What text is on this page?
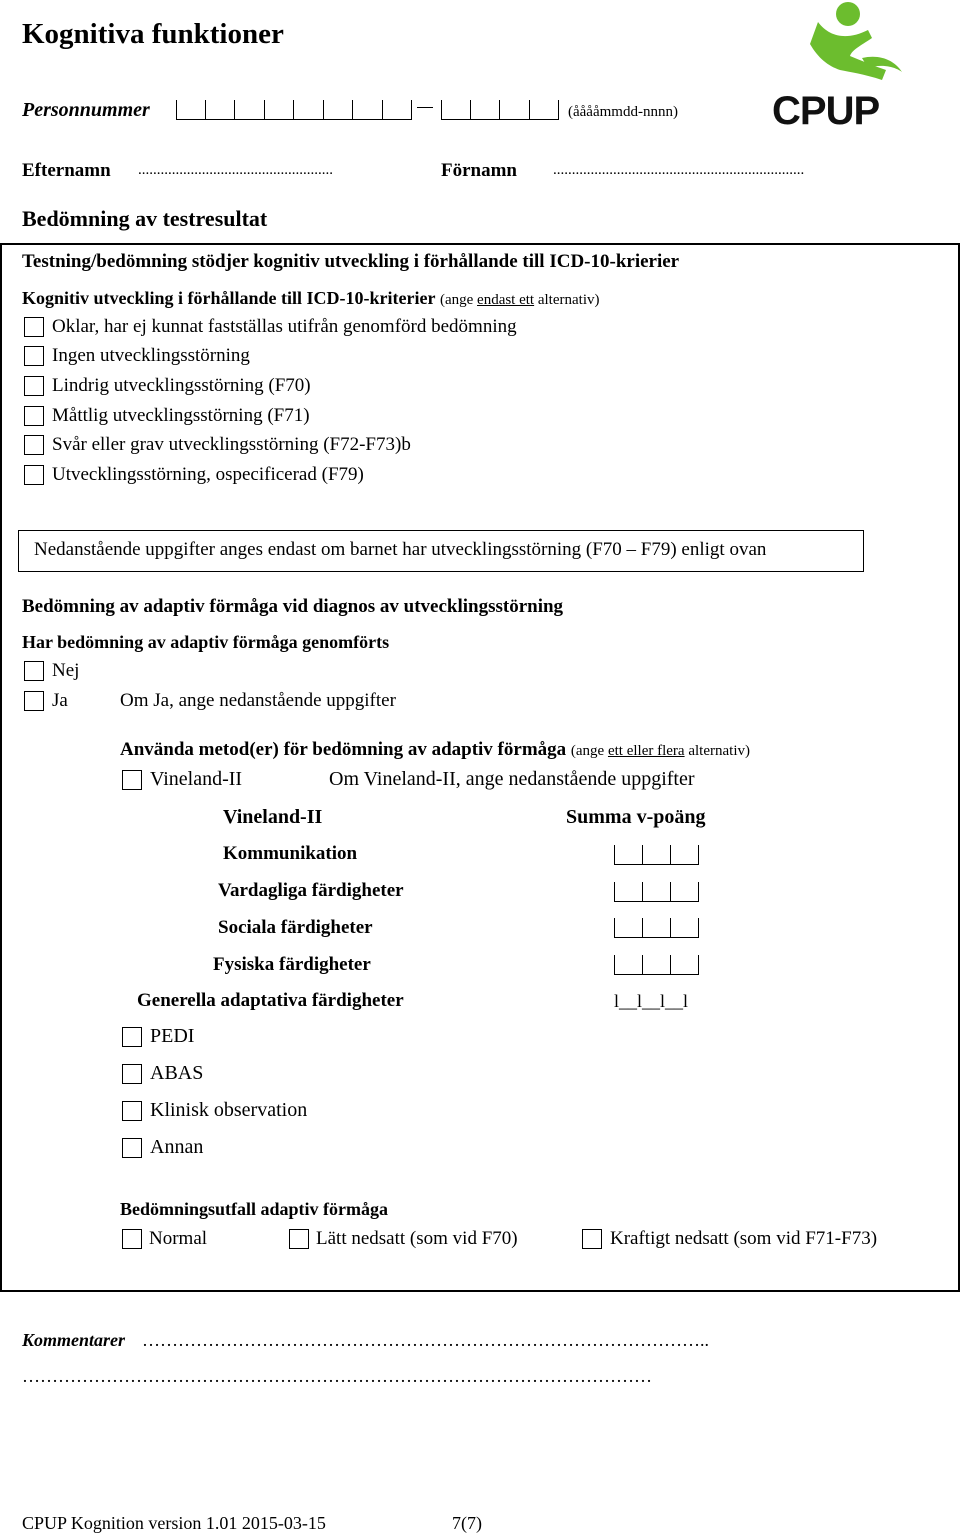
Kognitiva funktioner
Personnummer	(ååååmmdd-nnnn) CPUP
Efternamn ....................................................	Förnamn ...................................................................
Bedömning av testresultat
Testning/bedömning stödjer kognitiv utveckling i förhållande till ICD-10-krierier
Kognitiv utveckling i förhållande till ICD-10-kriterier (ange endast ett alternativ)
Oklar, har ej kunnat fastställas utifrån genomförd bedömning
Ingen utvecklingsstörning
Lindrig utvecklingsstörning (F70)
Måttlig utvecklingsstörning (F71)
Svår eller grav utvecklingsstörning (F72-F73)b
Utvecklingsstörning, ospecificerad (F79)
Nedanstående uppgifter anges endast om barnet har utvecklingsstörning (F70 – F79) enligt ovan
Bedömning av adaptiv förmåga vid diagnos av utvecklingsstörning
Har bedömning av adaptiv förmåga genomförts
Nej
Ja	Om Ja, ange nedanstående uppgifter
Använda metod(er) för bedömning av adaptiv förmåga (ange ett eller flera alternativ)
Vineland-II	Om Vineland-II, ange nedanstående uppgifter
Vineland-II	Summa v-poäng
Kommunikation
Vardagliga färdigheter
Sociala färdigheter
Fysiska färdigheter
Generella adaptativa färdigheter	l__l__l__l
PEDI
ABAS
Klinisk observation
Annan
Bedömningsutfall adaptiv förmåga
Normal	Lätt nedsatt (som vid F70)	Kraftigt nedsatt (som vid F71-F73)
Kommentarer …………………………………………………………………………………..
……………………………………………………………………………………………
CPUP Kognition version 1.01 2015-03-15	7(7)
